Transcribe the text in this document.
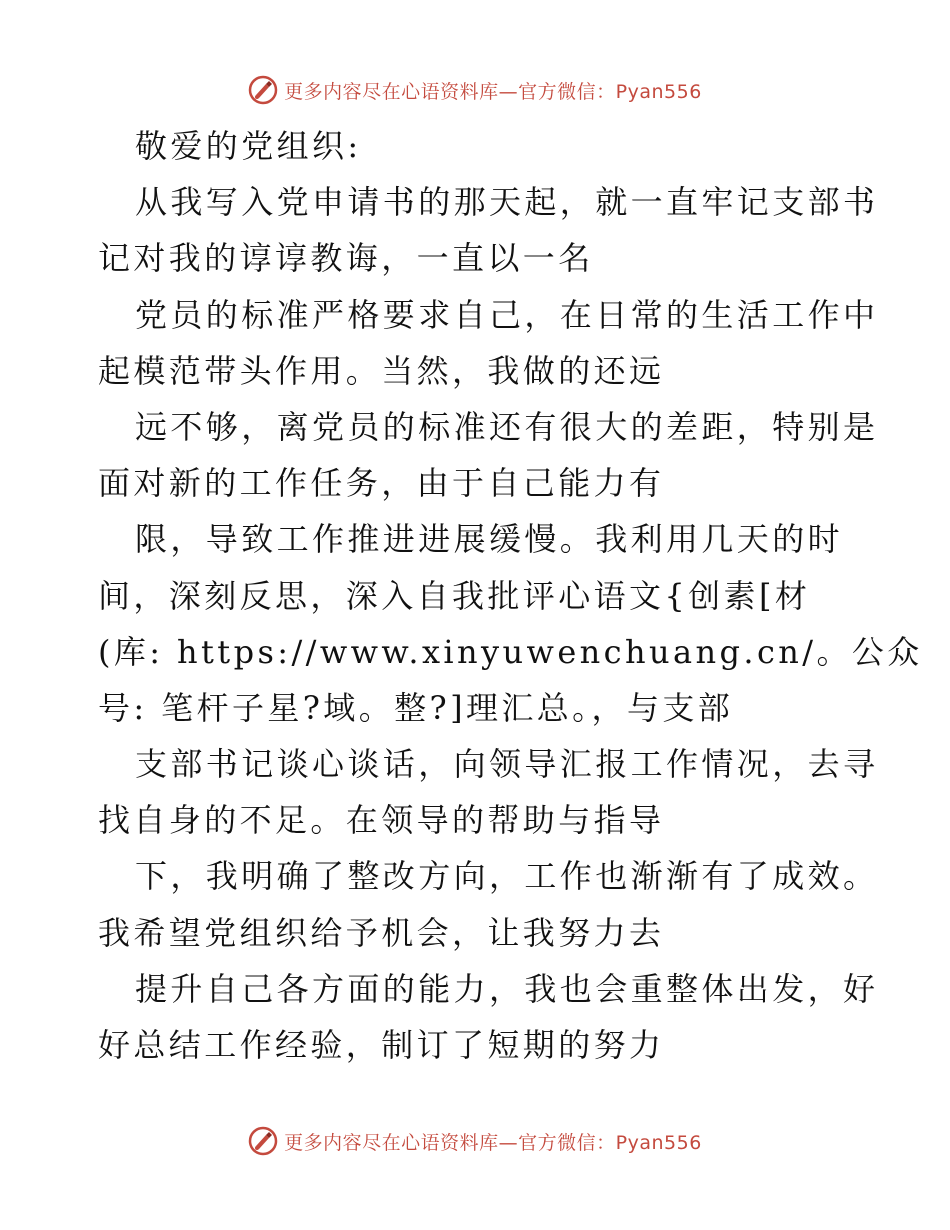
更多内容尽在心语资料库—官方微信：Pyan556
敬爱的党组织:
从我写入党申请书的那天起，就一直牢记支部书
记对我的谆谆教诲，一直以一名
党员的标准严格要求自己，在日常的生活工作中
起模范带头作用。当然，我做的还远
远不够，离党员的标准还有很大的差距，特别是
面对新的工作任务，由于自己能力有
限，导致工作推进进展缓慢。我利用几天的时
间，深刻反思，深入自我批评心语文{创素[材
(库: https://www.xinyuwenchuang.cn/。公众
号: 笔杆子星?域。整?]理汇总。，与支部
支部书记谈心谈话，向领导汇报工作情况，去寻
找自身的不足。在领导的帮助与指导
下，我明确了整改方向，工作也渐渐有了成效。
我希望党组织给予机会，让我努力去
提升自己各方面的能力，我也会重整体出发，好
好总结工作经验，制订了短期的努力
更多内容尽在心语资料库—官方微信：Pyan556
